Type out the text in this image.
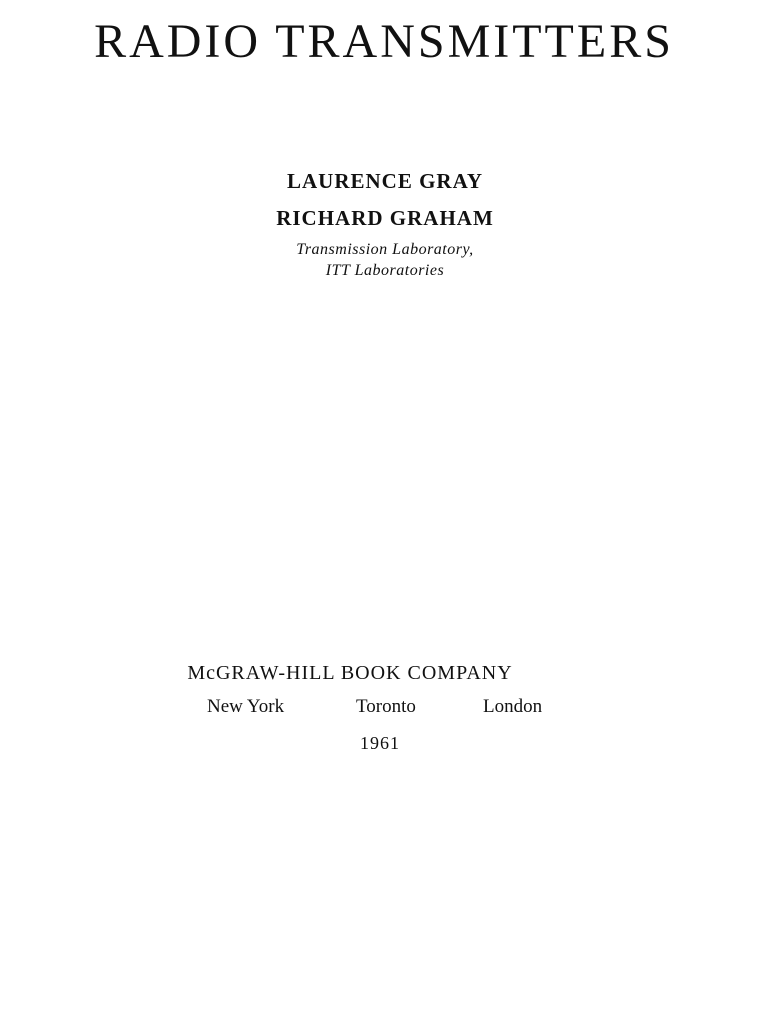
RADIO TRANSMITTERS
LAURENCE GRAY
RICHARD GRAHAM
Transmission Laboratory,
ITT Laboratories
McGRAW-HILL BOOK COMPANY
New York	Toronto	London
1961
